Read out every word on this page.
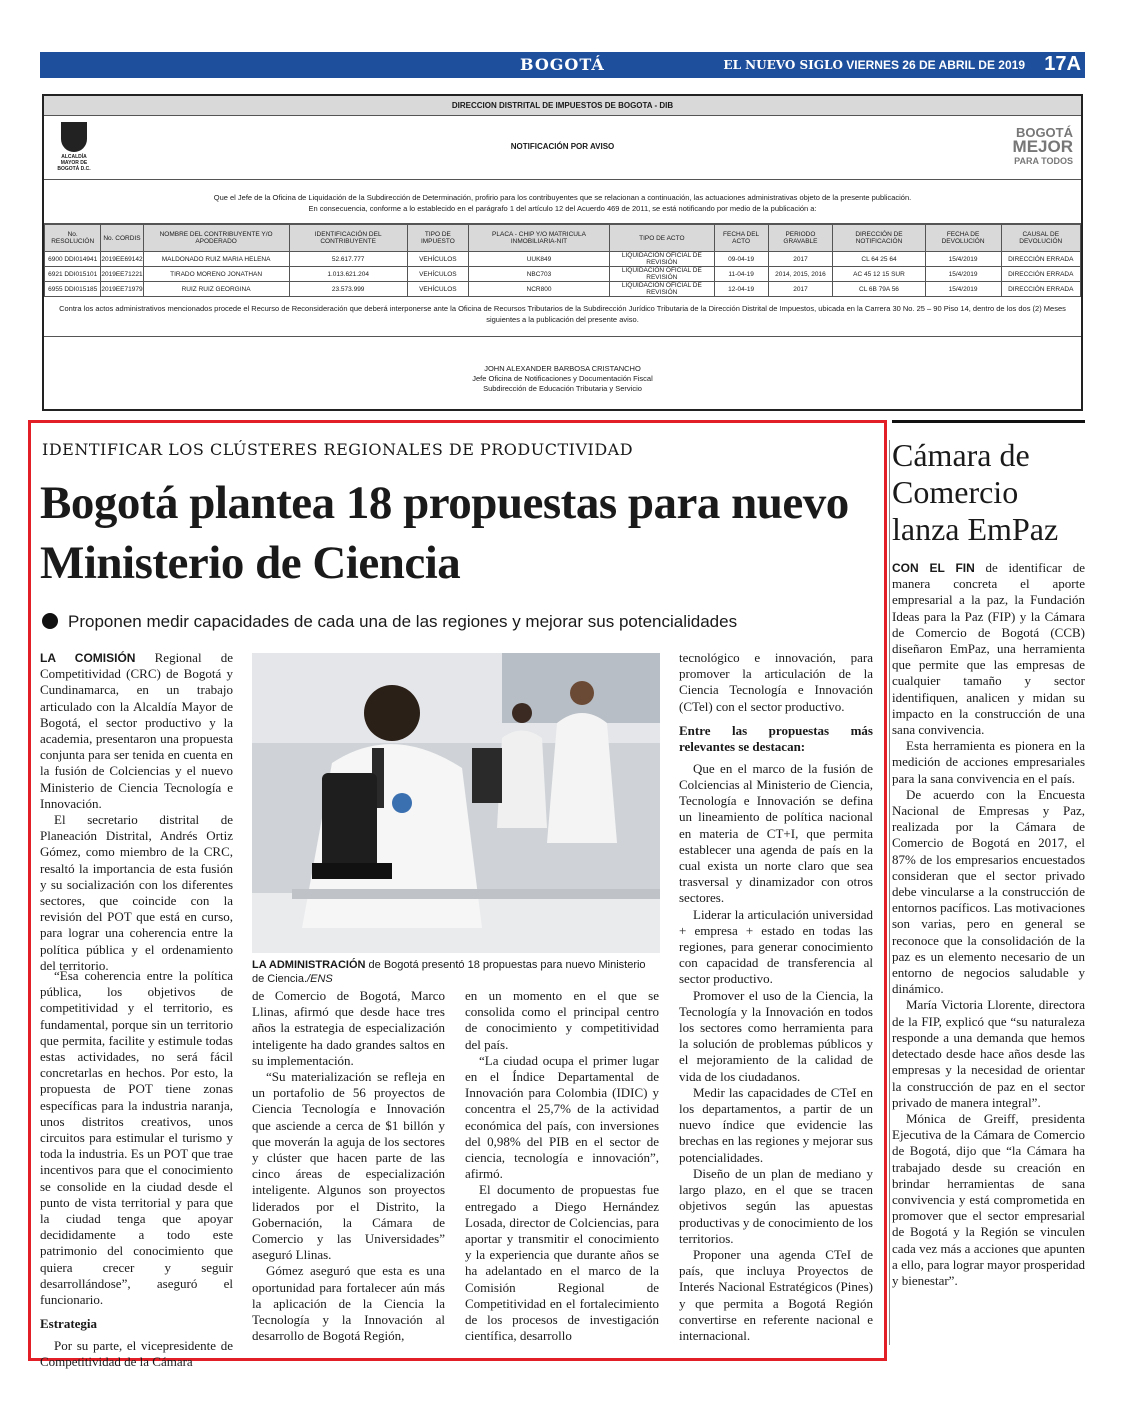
BOGOTÁ	EL NUEVO SIGLO VIERNES 26 DE ABRIL DE 2019 17A
DIRECCION DISTRITAL DE IMPUESTOS DE BOGOTA - DIB
ALCALDÍA MAYOR DE BOGOTÁ D.C.
NOTIFICACIÓN POR AVISO
BOGOTÁ
MEJOR
PARA TODOS
Que el Jefe de la Oficina de Liquidación de la Subdirección de Determinación, profirio para los contribuyentes que se relacionan a continuación, las actuaciones administrativas objeto de la presente publicación.
En consecuencia, conforme a lo establecido en el parágrafo 1 del artículo 12 del Acuerdo 469 de 2011, se está notificando por medio de la publicación a:
No. RESOLUCIÓN	No. CORDIS	NOMBRE DEL CONTRIBUYENTE Y/O APODERADO	IDENTIFICACIÓN DEL CONTRIBUYENTE	TIPO DE IMPUESTO	PLACA - CHIP Y/O MATRICULA INMOBILIARIA-NIT	TIPO DE ACTO	FECHA DEL ACTO	PERIODO GRAVABLE	DIRECCIÓN DE NOTIFICACIÓN	FECHA DE DEVOLUCIÓN	CAUSAL DE DEVOLUCIÓN
6900 DDI014941	2019EE69142	MALDONADO RUIZ MARIA HELENA	52.617.777	VEHÍCULOS	UUK849	LIQUIDACIÓN OFICIAL DE REVISIÓN	09-04-19	2017	CL 64 25 64	15/4/2019	DIRECCIÓN ERRADA
6921 DDI015101	2019EE71221	TIRADO MORENO JONATHAN	1.013.621.204	VEHÍCULOS	NBC703	LIQUIDACIÓN OFICIAL DE REVISIÓN	11-04-19	2014, 2015, 2016	AC 45 12 15 SUR	15/4/2019	DIRECCIÓN ERRADA
6955 DDI015185	2019EE71979	RUIZ RUIZ GEORGINA	23.573.999	VEHÍCULOS	NCR800	LIQUIDACIÓN OFICIAL DE REVISIÓN	12-04-19	2017	CL 6B 79A 56	15/4/2019	DIRECCIÓN ERRADA
Contra los actos administrativos mencionados procede el Recurso de Reconsideración que deberá interponerse ante la Oficina de Recursos Tributarios de la Subdirección Jurídico Tributaria de la Dirección Distrital de Impuestos, ubicada en la Carrera 30 No. 25 – 90 Piso 14, dentro de los dos (2) Meses siguientes a la publicación del presente aviso.
JOHN ALEXANDER BARBOSA CRISTANCHO
Jefe Oficina de Notificaciones y Documentación Fiscal
Subdirección de Educación Tributaria y Servicio
IDENTIFICAR LOS CLÚSTERES REGIONALES DE PRODUCTIVIDAD
Bogotá plantea 18 propuestas para nuevo Ministerio de Ciencia
Proponen medir capacidades de cada una de las regiones y mejorar sus potencialidades

LA COMISIÓN Regional de Competitividad (CRC) de Bogotá y Cundinamarca, en un trabajo articulado con la Alcaldía Mayor de Bogotá, el sector productivo y la academia, presentaron una propuesta conjunta para ser tenida en cuenta en la fusión de Colciencias y el nuevo Ministerio de Ciencia Tecnología e Innovación.

El secretario distrital de Planeación Distrital, Andrés Ortiz Gómez, como miembro de la CRC, resaltó la importancia de esta fusión y su socialización con los diferentes sectores, que coincide con la revisión del POT que está en curso, para lograr una coherencia entre la política pública y el ordenamiento del territorio.

“Esa coherencia entre la política pública, los objetivos de competitividad y el territorio, es fundamental, porque sin un territorio que permita, facilite y estimule todas estas actividades, no será fácil concretarlas en hechos. Por esto, la propuesta de POT tiene zonas específicas para la industria naranja, unos distritos creativos, unos circuitos para estimular el turismo y toda la industria. Es un POT que trae incentivos para que el conocimiento se consolide en la ciudad desde el punto de vista territorial y para que la ciudad tenga que apoyar decididamente a todo este patrimonio del conocimiento que quiera crecer y seguir desarrollándose”, aseguró el funcionario.

Estrategia

Por su parte, el vicepresidente de Competitividad de la Cámara

LA ADMINISTRACIÓN de Bogotá presentó 18 propuestas para nuevo Ministerio de Ciencia./ENS

de Comercio de Bogotá, Marco Llinas, afirmó que desde hace tres años la estrategia de especialización inteligente ha dado grandes saltos en su implementación.

“Su materialización se refleja en un portafolio de 56 proyectos de Ciencia Tecnología e Innovación que asciende a cerca de $1 billón y que moverán la aguja de los sectores y clúster que hacen parte de las cinco áreas de especialización inteligente. Algunos son proyectos liderados por el Distrito, la Gobernación, la Cámara de Comercio y las Universidades” aseguró Llinas.

Gómez aseguró que esta es una oportunidad para fortalecer aún más la aplicación de la Ciencia la Tecnología y la Innovación al desarrollo de Bogotá Región,

en un momento en el que se consolida como el principal centro de conocimiento y competitividad del país.

“La ciudad ocupa el primer lugar en el Índice Departamental de Innovación para Colombia (IDIC) y concentra el 25,7% de la actividad económica del país, con inversiones del 0,98% del PIB en el sector de ciencia, tecnología e innovación”, afirmó.

El documento de propuestas fue entregado a Diego Hernández Losada, director de Colciencias, para aportar y transmitir el conocimiento y la experiencia que durante años se ha adelantado en el marco de la Comisión Regional de Competitividad en el fortalecimiento de los procesos de investigación científica, desarrollo

tecnológico e innovación, para promover la articulación de la Ciencia Tecnología e Innovación (CTel) con el sector productivo.

Entre las propuestas más relevantes se destacan:

Que en el marco de la fusión de Colciencias al Ministerio de Ciencia, Tecnología e Innovación se defina un lineamiento de política nacional en materia de CT+I, que permita establecer una agenda de país en la cual exista un norte claro que sea trasversal y dinamizador con otros sectores.

Liderar la articulación universidad + empresa + estado en todas las regiones, para generar conocimiento con capacidad de transferencia al sector productivo.

Promover el uso de la Ciencia, la Tecnología y la Innovación en todos los sectores como herramienta para la solución de problemas públicos y el mejoramiento de la calidad de vida de los ciudadanos.

Medir las capacidades de CTeI en los departamentos, a partir de un nuevo índice que evidencie las brechas en las regiones y mejorar sus potencialidades.

Diseño de un plan de mediano y largo plazo, en el que se tracen objetivos según las apuestas productivas y de conocimiento de los territorios.

Proponer una agenda CTeI de país, que incluya Proyectos de Interés Nacional Estratégicos (Pines) y que permita a Bogotá Región convertirse en referente nacional e internacional.

Cámara de Comercio lanza EmPaz

CON EL FIN de identificar de manera concreta el aporte empresarial a la paz, la Fundación Ideas para la Paz (FIP) y la Cámara de Comercio de Bogotá (CCB) diseñaron EmPaz, una herramienta que permite que las empresas de cualquier tamaño y sector identifiquen, analicen y midan su impacto en la construcción de una sana convivencia.

Esta herramienta es pionera en la medición de acciones empresariales para la sana convivencia en el país.

De acuerdo con la Encuesta Nacional de Empresas y Paz, realizada por la Cámara de Comercio de Bogotá en 2017, el 87% de los empresarios encuestados consideran que el sector privado debe vincularse a la construcción de entornos pacíficos. Las motivaciones son varias, pero en general se reconoce que la consolidación de la paz es un elemento necesario de un entorno de negocios saludable y dinámico.

María Victoria Llorente, directora de la FIP, explicó que “su naturaleza responde a una demanda que hemos detectado desde hace años desde las empresas y la necesidad de orientar la construcción de paz en el sector privado de manera integral”.

Mónica de Greiff, presidenta Ejecutiva de la Cámara de Comercio de Bogotá, dijo que “la Cámara ha trabajado desde su creación en brindar herramientas de sana convivencia y está comprometida en promover que el sector empresarial de Bogotá y la Región se vinculen cada vez más a acciones que apunten a ello, para lograr mayor prosperidad y bienestar”.
